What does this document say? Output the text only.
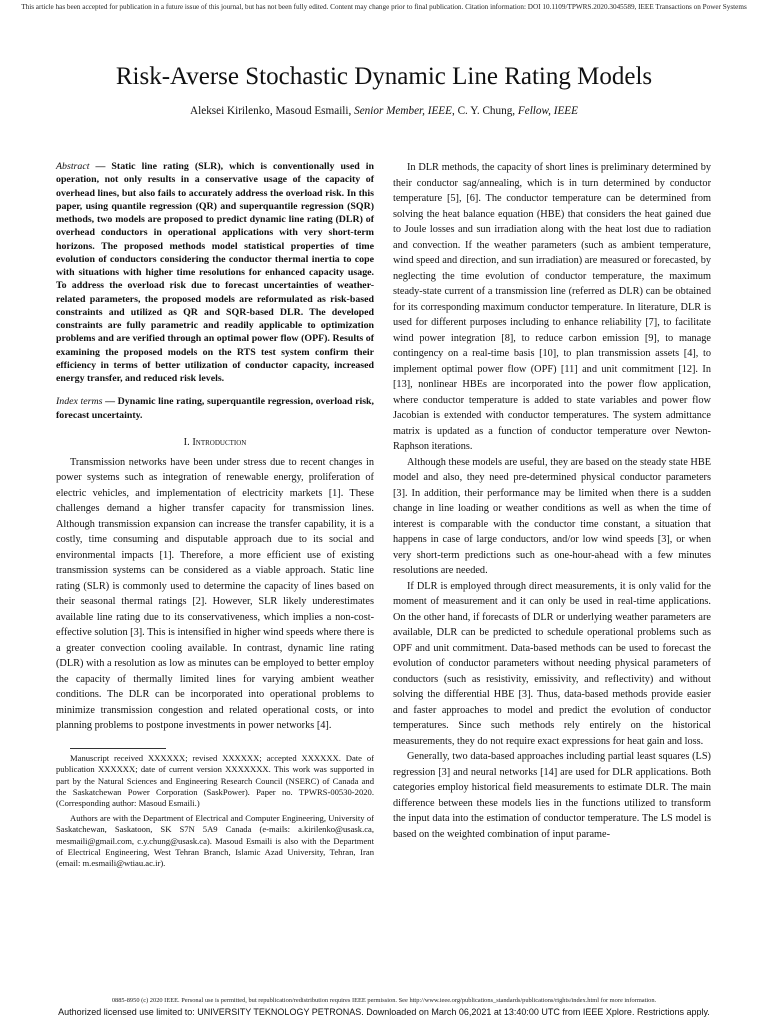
This article has been accepted for publication in a future issue of this journal, but has not been fully edited. Content may change prior to final publication. Citation information: DOI 10.1109/TPWRS.2020.3045589, IEEE Transactions on Power Systems
Risk-Averse Stochastic Dynamic Line Rating Models
Aleksei Kirilenko, Masoud Esmaili, Senior Member, IEEE, C. Y. Chung, Fellow, IEEE

Abstract — Static line rating (SLR), which is conventionally used in operation, not only results in a conservative usage of the capacity of overhead lines, but also fails to accurately address the overload risk. In this paper, using quantile regression (QR) and superquantile regression (SQR) methods, two models are proposed to predict dynamic line rating (DLR) of overhead conductors in operational applications with very short-term horizons. The proposed methods model statistical properties of time evolution of conductors considering the conductor thermal inertia to cope with situations with higher time resolutions for enhanced capacity usage. To address the overload risk due to forecast uncertainties of weather-related parameters, the proposed models are reformulated as risk-based constraints and utilized as QR and SQR-based DLR. The developed constraints are fully parametric and readily applicable to optimization problems and are verified through an optimal power flow (OPF). Results of examining the proposed models on the RTS test system confirm their efficiency in terms of better utilization of conductor capacity, increased energy transfer, and reduced risk levels.

Index terms — Dynamic line rating, superquantile regression, overload risk, forecast uncertainty.

I. Introduction

Transmission networks have been under stress due to recent changes in power systems such as integration of renewable energy, proliferation of electric vehicles, and implementation of electricity markets [1]. These challenges demand a higher transfer capacity for transmission lines. Although transmission expansion can increase the transfer capability, it is a costly, time consuming and disputable approach due to its social and environmental impacts [1]. Therefore, a more efficient use of existing transmission systems can be considered as a viable approach. Static line rating (SLR) is commonly used to determine the capacity of lines based on their seasonal thermal ratings [2]. However, SLR likely underestimates available line rating due to its conservativeness, which implies a non-cost-effective solution [3]. This is intensified in higher wind speeds where there is a greater convection cooling available. In contrast, dynamic line rating (DLR) with a resolution as low as minutes can be employed to better employ the capacity of thermally limited lines for varying ambient weather conditions. The DLR can be incorporated into operational problems to minimize transmission congestion and related operational costs, or into planning problems to postpone investments in power networks [4].

Manuscript received XXXXXX; revised XXXXXX; accepted XXXXXX. Date of publication XXXXXX; date of current version XXXXXXX. This work was supported in part by the Natural Sciences and Engineering Research Council (NSERC) of Canada and the Saskatchewan Power Corporation (SaskPower). Paper no. TPWRS-00530-2020. (Corresponding author: Masoud Esmaili.)

Authors are with the Department of Electrical and Computer Engineering, University of Saskatchewan, Saskatoon, SK S7N 5A9 Canada (e-mails: a.kirilenko@usask.ca, mesmaili@gmail.com, c.y.chung@usask.ca). Masoud Esmaili is also with the Department of Electrical Engineering, West Tehran Branch, Islamic Azad University, Tehran, Iran (email: m.esmaili@wtiau.ac.ir).

In DLR methods, the capacity of short lines is preliminary determined by their conductor sag/annealing, which is in turn determined by conductor temperature [5], [6]. The conductor temperature can be determined from solving the heat balance equation (HBE) that considers the heat gained due to Joule losses and sun irradiation along with the heat lost due to radiation and convection. If the weather parameters (such as ambient temperature, wind speed and direction, and sun irradiation) are measured or forecasted, by neglecting the time evolution of conductor temperature, the maximum steady-state current of a transmission line (referred as DLR) can be obtained for its corresponding maximum conductor temperature. In literature, DLR is used for different purposes including to enhance reliability [7], to facilitate wind power integration [8], to reduce carbon emission [9], to manage contingency on a real-time basis [10], to plan transmission assets [4], to implement optimal power flow (OPF) [11] and unit commitment [12]. In [13], nonlinear HBEs are incorporated into the power flow application, where conductor temperature is added to state variables and power flow Jacobian is extended with conductor temperatures. The system admittance matrix is updated as a function of conductor temperature over Newton-Raphson iterations.

Although these models are useful, they are based on the steady state HBE model and also, they need pre-determined physical conductor parameters [3]. In addition, their performance may be limited when there is a sudden change in line loading or weather conditions as well as when the time of interest is comparable with the conductor time constant, a situation that happens in case of large conductors, and/or low wind speeds [3], or when very short-term predictions such as one-hour-ahead with a few minutes resolutions are needed.

If DLR is employed through direct measurements, it is only valid for the moment of measurement and it can only be used in real-time applications. On the other hand, if forecasts of DLR or underlying weather parameters are available, DLR can be predicted to schedule operational problems such as OPF and unit commitment. Data-based methods can be used to forecast the evolution of conductor parameters without needing physical parameters of conductors (such as resistivity, emissivity, and reflectivity) and without solving the differential HBE [3]. Thus, data-based methods provide easier and faster approaches to model and predict the evolution of conductor temperatures. Since such methods rely entirely on the historical measurements, they do not require exact expressions for heat gain and loss.

Generally, two data-based approaches including partial least squares (LS) regression [3] and neural networks [14] are used for DLR applications. Both categories employ historical field measurements to estimate DLR. The main difference between these models lies in the functions utilized to transform the input data into the estimation of conductor temperature. The LS model is based on the weighted combination of input parame-

0885-8950 (c) 2020 IEEE. Personal use is permitted, but republication/redistribution requires IEEE permission. See http://www.ieee.org/publications_standards/publications/rights/index.html for more information.
Authorized licensed use limited to: UNIVERSITY TEKNOLOGY PETRONAS. Downloaded on March 06,2021 at 13:40:00 UTC from IEEE Xplore. Restrictions apply.
